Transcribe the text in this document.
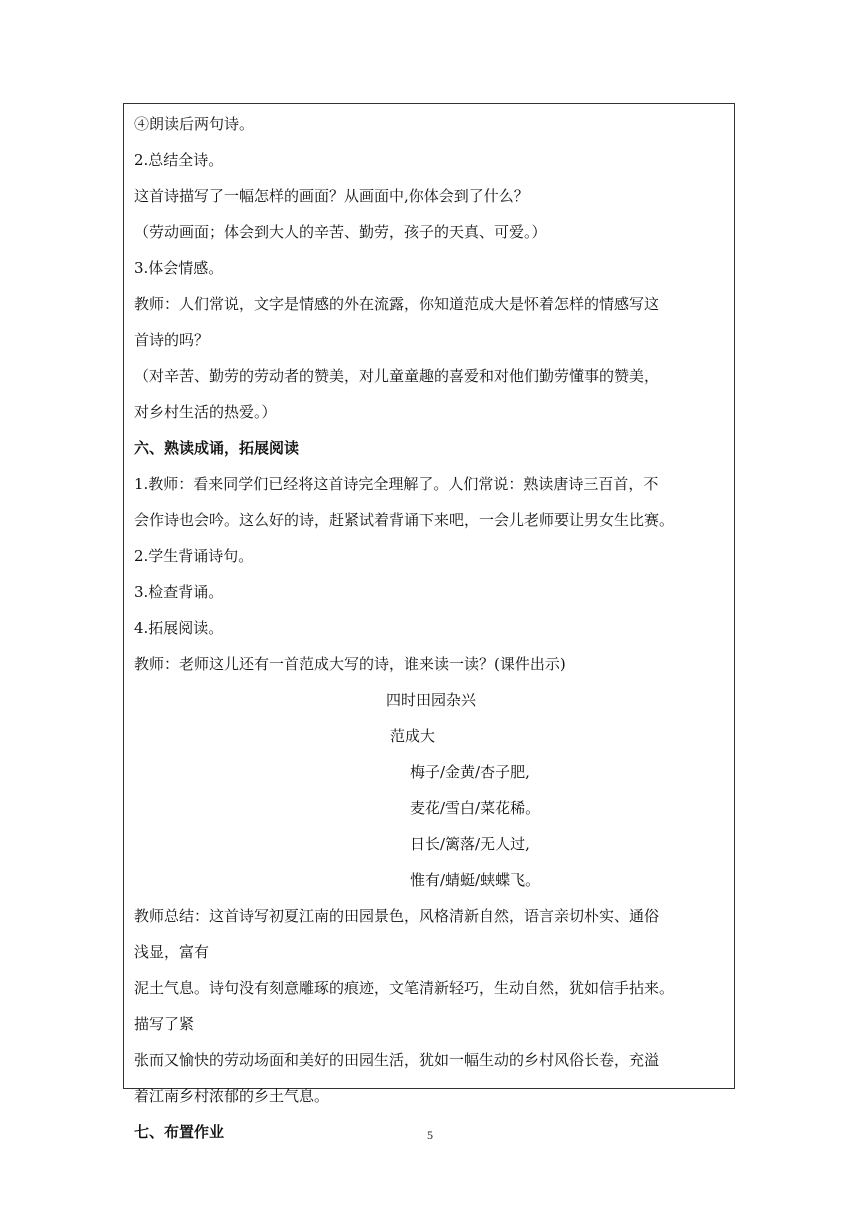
④朗读后两句诗。

2.总结全诗。

这首诗描写了一幅怎样的画面？从画面中,你体会到了什么？

（劳动画面；体会到大人的辛苦、勤劳，孩子的天真、可爱。）

3.体会情感。

教师：人们常说，文字是情感的外在流露，你知道范成大是怀着怎样的情感写这
首诗的吗？
（对辛苦、勤劳的劳动者的赞美，对儿童童趣的喜爱和对他们勤劳懂事的赞美，
对乡村生活的热爱。）

六、熟读成诵，拓展阅读

1.教师：看来同学们已经将这首诗完全理解了。人们常说：熟读唐诗三百首，不
会作诗也会吟。这么好的诗，赶紧试着背诵下来吧，一会儿老师要让男女生比赛。

2.学生背诵诗句。

3.检查背诵。

4.拓展阅读。

教师：老师这儿还有一首范成大写的诗，谁来读一读？(课件出示)

四时田园杂兴

范成大

梅子/金黄/杏子肥,

麦花/雪白/菜花稀。

日长/篱落/无人过,

惟有/蜻蜓/蛱蝶飞。

教师总结：这首诗写初夏江南的田园景色，风格清新自然，语言亲切朴实、通俗

浅显，富有

泥土气息。诗句没有刻意雕琢的痕迹，文笔清新轻巧，生动自然，犹如信手拈来。

描写了紧

张而又愉快的劳动场面和美好的田园生活，犹如一幅生动的乡村风俗长卷，充溢

着江南乡村浓郁的乡土气息。

七、布置作业	5
